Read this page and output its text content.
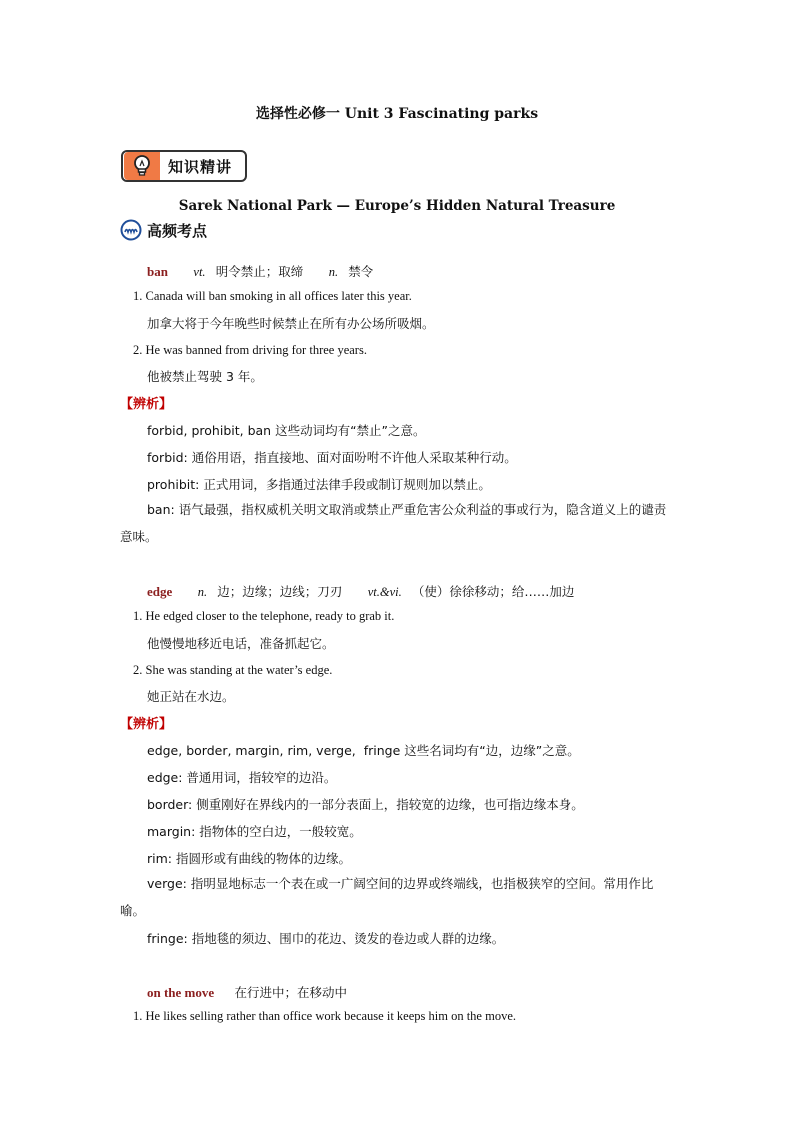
选择性必修一 Unit 3 Fascinating parks
知识精讲
Sarek National Park — Europe’s Hidden Natural Treasure
高频考点
ban vt. 明令禁止；取缔 n. 禁令
1. Canada will ban smoking in all offices later this year.
加拿大将于今年晚些时候禁止在所有办公场所吸烟。
2. He was banned from driving for three years.
他被禁止驾驶 3 年。
【辨析】
forbid, prohibit, ban 这些动词均有“禁止”之意。
forbid: 通俗用语，指直接地、面对面吩咐不许他人采取某种行动。
prohibit: 正式用词，多指通过法律手段或制订规则加以禁止。
ban: 语气最强，指权威机关明文取消或禁止严重危害公众利益的事或行为，隐含道义上的谴责意味。
edge n. 边；边缘；边线；刀刃 vt.&vi. （使）徐徐移动；给……加边
1. He edged closer to the telephone, ready to grab it.
他慢慢地移近电话，准备抓起它。
2. She was standing at the water’s edge.
她正站在水边。
【辨析】
edge, border, margin, rim, verge,  fringe 这些名词均有“边，边缘”之意。
edge: 普通用词，指较窄的边沿。
border: 侧重刚好在界线内的一部分表面上，指较宽的边缘，也可指边缘本身。
margin: 指物体的空白边，一般较宽。
rim: 指圆形或有曲线的物体的边缘。
verge: 指明显地标志一个表在或一广阔空间的边界或终端线，也指极狭窄的空间。常用作比喻。
fringe: 指地毯的须边、围巾的花边、烫发的卷边或人群的边缘。
on the move 在行进中；在移动中
1. He likes selling rather than office work because it keeps him on the move.
